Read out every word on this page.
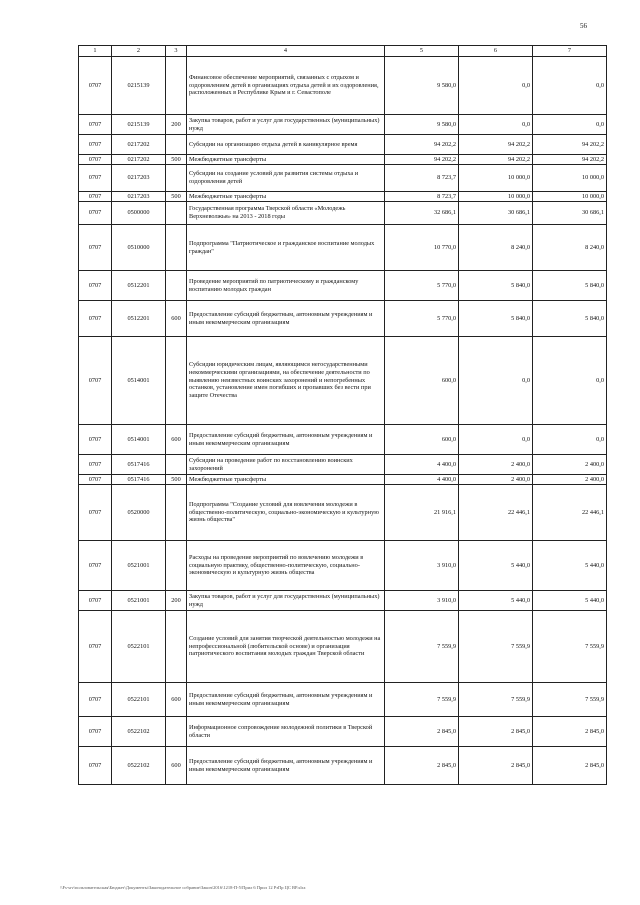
56
1	2	3	4	5	6	7
0707	0215139		Финансовое обеспечение мероприятий, связанных с отдыхом и оздоровлением детей в организациях отдыха детей и их оздоровления, расположенных в Республике Крым и г. Севастополе	9 580,0	0,0	0,0
0707	0215139	200	Закупка товаров, работ и услуг для государственных (муниципальных) нужд	9 580,0	0,0	0,0
0707	0217202		Субсидии на организацию отдыха детей в каникулярное время	94 202,2	94 202,2	94 202,2
0707	0217202	500	Межбюджетные трансферты	94 202,2	94 202,2	94 202,2
0707	0217203		Субсидии на создание условий для развития системы отдыха и оздоровления детей	8 723,7	10 000,0	10 000,0
0707	0217203	500	Межбюджетные трансферты	8 723,7	10 000,0	10 000,0
0707	0500000		Государственная программа Тверской области «Молодежь Верхневолжья» на 2013 - 2018 годы	32 686,1	30 686,1	30 686,1
0707	0510000		Подпрограмма "Патриотическое и гражданское воспитание молодых граждан"	10 770,0	8 240,0	8 240,0
0707	0512201		Проведение мероприятий по патриотическому и гражданскому воспитанию молодых граждан	5 770,0	5 840,0	5 840,0
0707	0512201	600	Предоставление субсидий бюджетным, автономным учреждениям и иным некоммерческим организациям	5 770,0	5 840,0	5 840,0
0707	0514001		Субсидии юридическим лицам, являющимся негосударственными некоммерческими организациями, на обеспечение деятельности по выявлению неизвестных воинских захоронений и непогребенных останков, установление имен погибших и пропавших без вести при защите Отечества	600,0	0,0	0,0
0707	0514001	600	Предоставление субсидий бюджетным, автономным учреждениям и иным некоммерческим организациям	600,0	0,0	0,0
0707	0517416		Субсидии на проведение работ по восстановлению воинских захоронений	4 400,0	2 400,0	2 400,0
0707	0517416	500	Межбюджетные трансферты	4 400,0	2 400,0	2 400,0
0707	0520000		Подпрограмма "Создание условий для вовлечения молодежи в общественно-политическую, социально-экономическую и культурную жизнь общества"	21 916,1	22 446,1	22 446,1
0707	0521001		Расходы на проведение мероприятий по вовлечению молодежи в социальную практику, общественно-политическую, социально-экономическую и культурную жизнь общества	3 910,0	5 440,0	5 440,0
0707	0521001	200	Закупка товаров, работ и услуг для государственных (муниципальных) нужд	3 910,0	5 440,0	5 440,0
0707	0522101		Создание условий для занятия творческой деятельностью молодежи на непрофессиональной (любительской основе) и организация патриотического воспитания молодых граждан Тверской области	7 559,9	7 559,9	7 559,9
0707	0522101	600	Предоставление субсидий бюджетным, автономным учреждениям и иным некоммерческим организациям	7 559,9	7 559,9	7 559,9
0707	0522102		Информационное сопровождение молодежной политики в Тверской области	2 845,0	2 845,0	2 845,0
0707	0522102	600	Предоставление субсидий бюджетным, автономным учреждениям и иным некоммерческим организациям	2 845,0	2 845,0	2 845,0
\\Fs-srv\пользовательская\Бюджет\Документы\Законодательное собрание\Закон\2016\1218-П-5\Прил 6 Прил 12 РзПр ЦС ВР.xlsx
